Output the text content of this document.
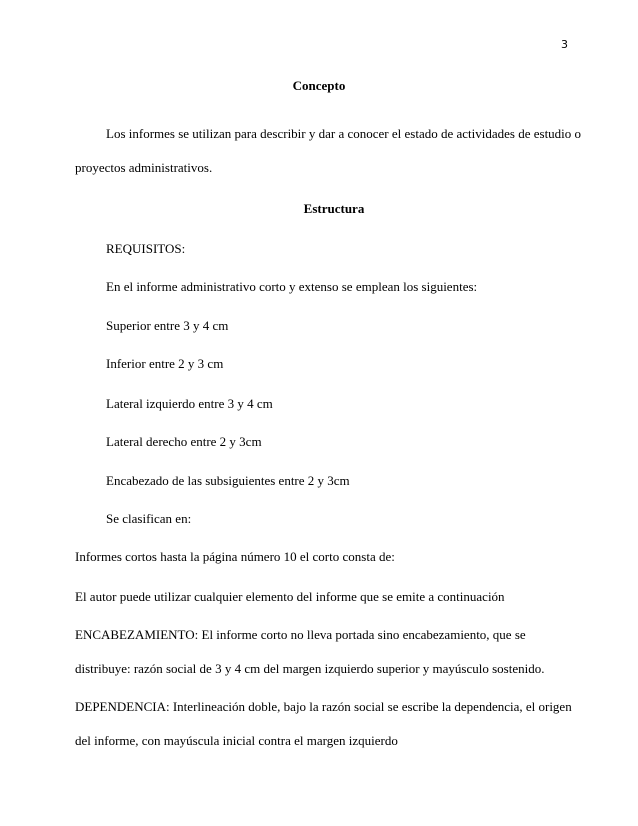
3
Concepto
Los informes se utilizan para describir y dar a conocer el estado de actividades de estudio o
proyectos administrativos.
Estructura
REQUISITOS:
En el informe administrativo corto y extenso se emplean los siguientes:
Superior entre 3 y 4 cm
Inferior entre 2 y 3 cm
Lateral izquierdo entre 3 y 4 cm
Lateral derecho entre 2 y 3cm
Encabezado de las subsiguientes entre 2 y 3cm
Se clasifican en:
Informes cortos hasta la página número 10 el corto consta de:
El autor puede utilizar cualquier elemento del informe que se emite a continuación
ENCABEZAMIENTO: El informe corto no lleva portada sino encabezamiento, que se
distribuye: razón social de 3 y 4 cm del margen izquierdo superior y mayúsculo sostenido.
DEPENDENCIA: Interlineación doble, bajo la razón social se escribe la dependencia, el origen
del informe, con mayúscula inicial contra el margen izquierdo
